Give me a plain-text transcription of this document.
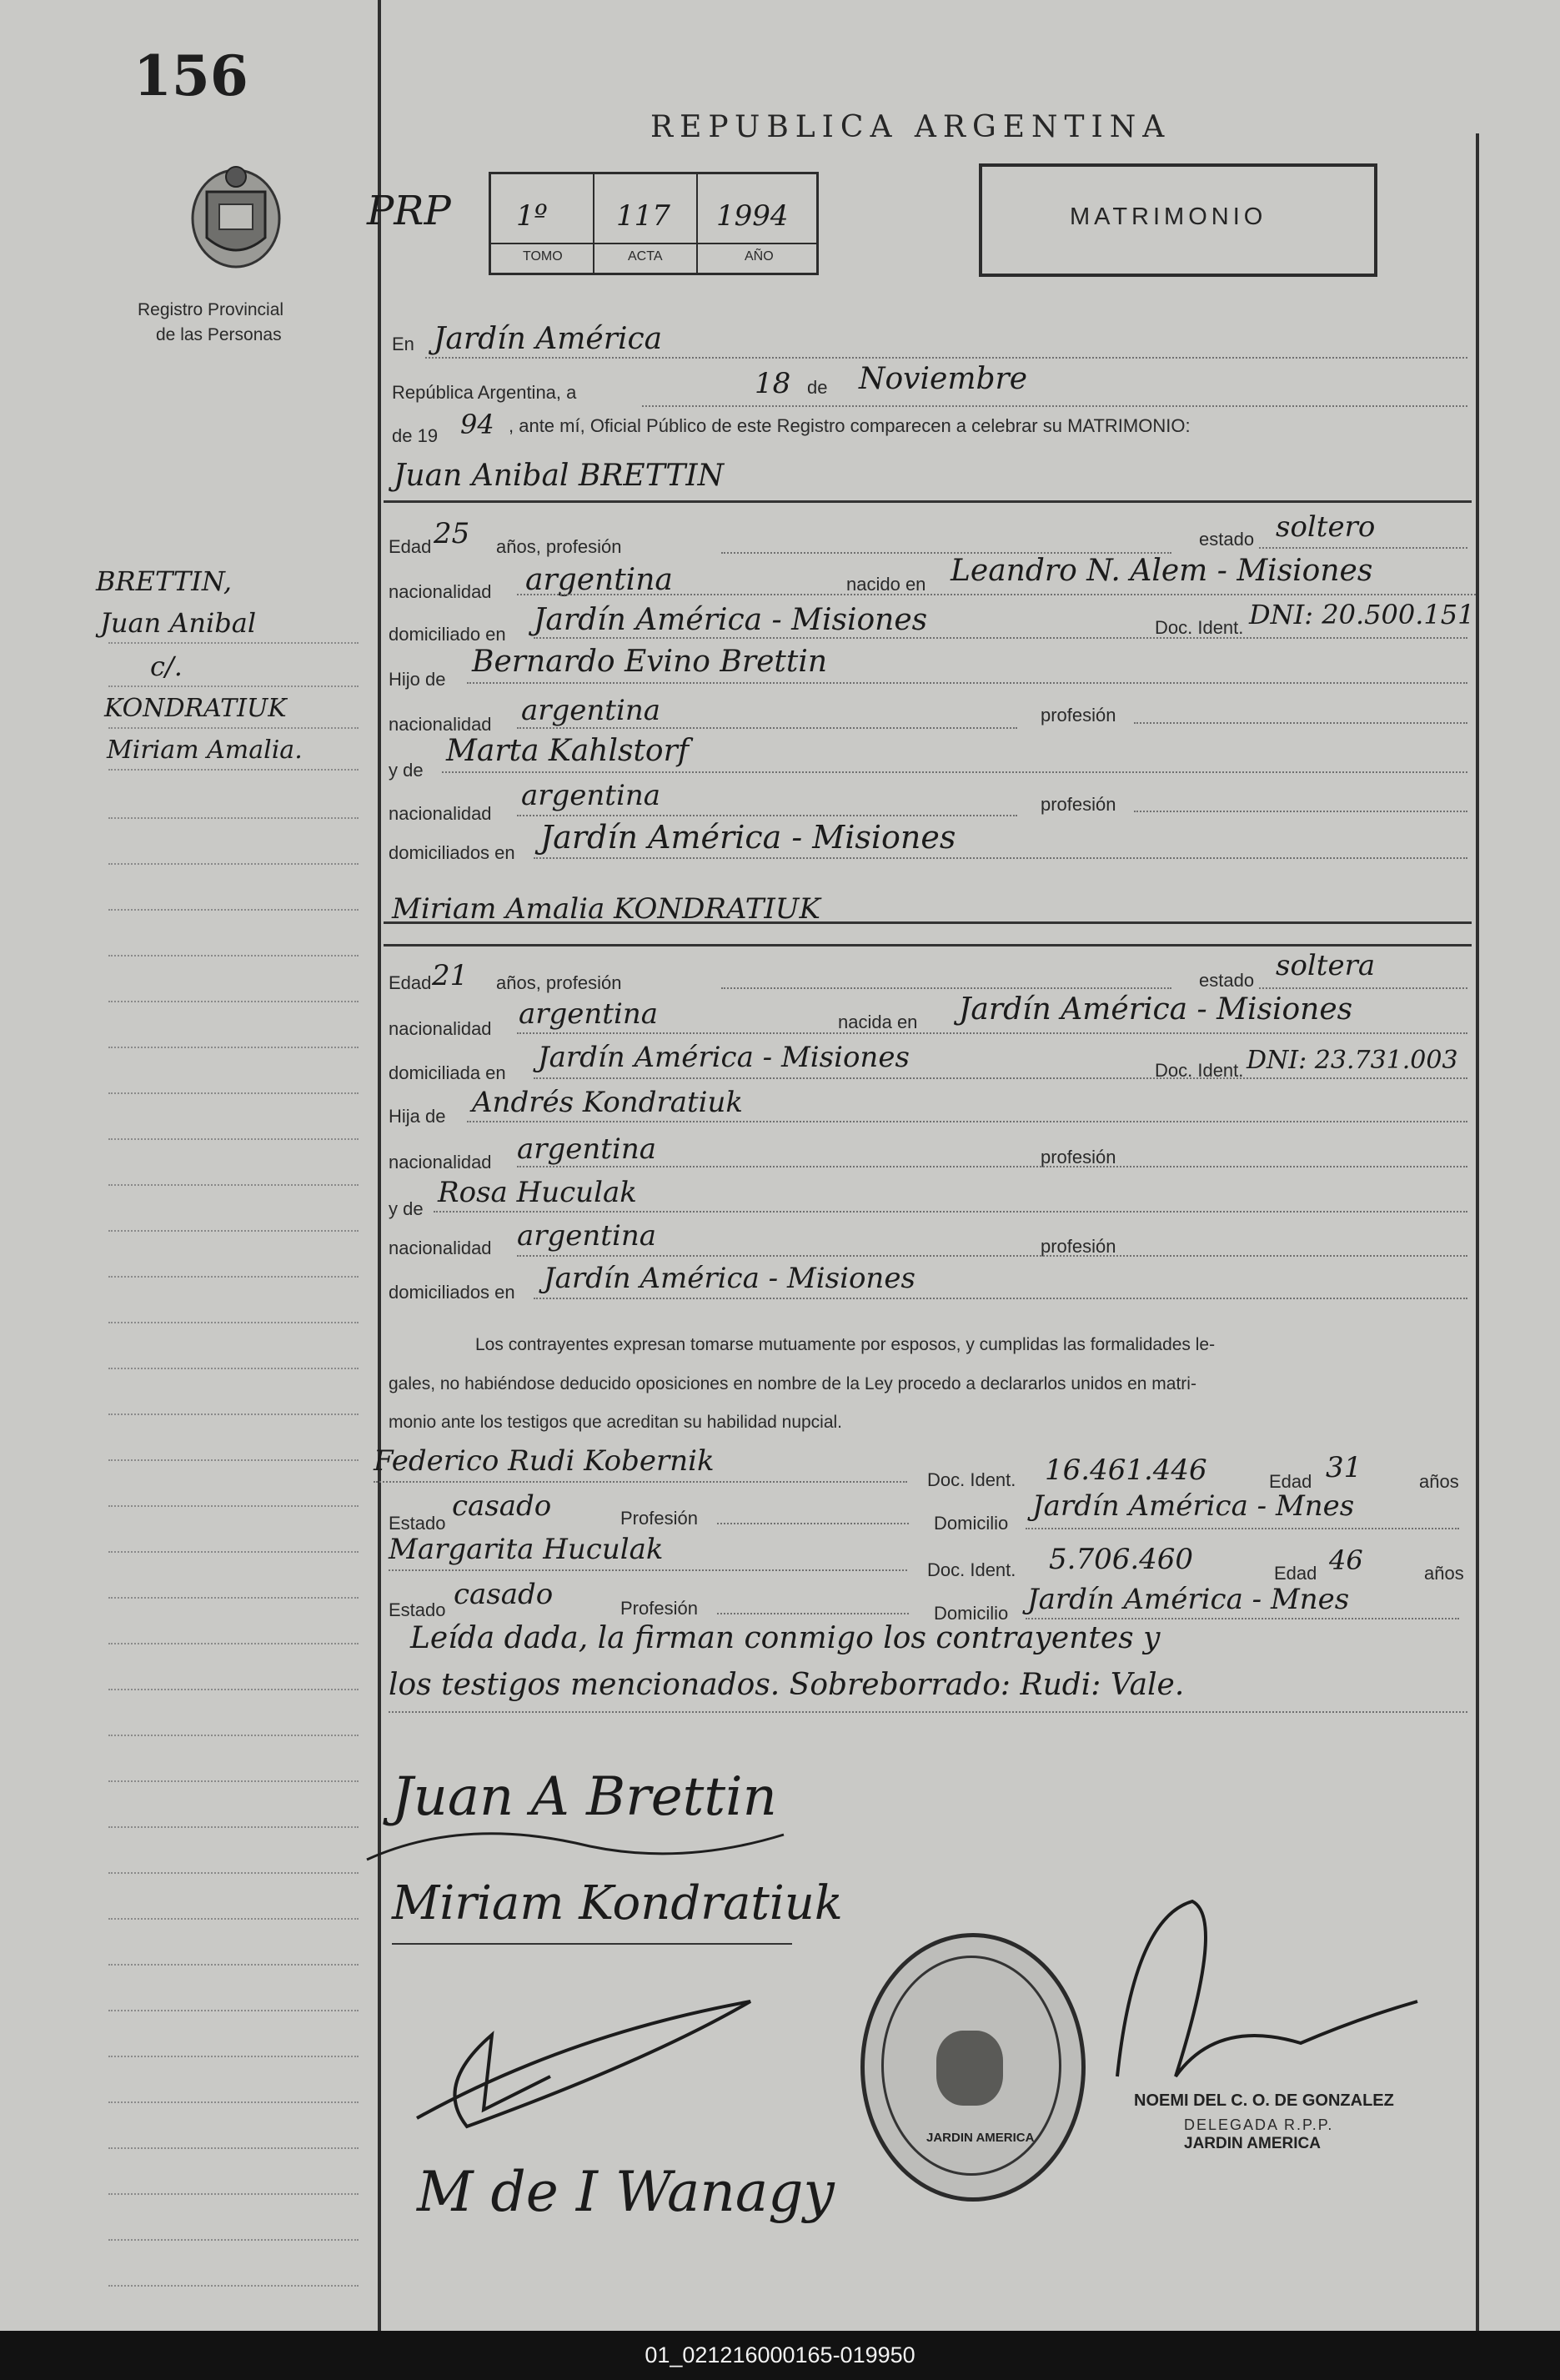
156
Registro Provincial
de las Personas
BRETTIN,
Juan Anibal
c/.
KONDRATIUK
Miriam Amalia.
REPUBLICA ARGENTINA
PRP 1º 117 1994
TOMO	ACTA	AÑO
MATRIMONIO
En Jardín América
República Argentina, a	18 de Noviembre
de 19 94 , ante mí, Oficial Público de este Registro comparecen a celebrar su MATRIMONIO:
Juan Anibal BRETTIN
Edad 25 años, profesión	estado soltero
nacionalidad argentina	nacido en Leandro N. Alem - Misiones
domiciliado en Jardín América - Misiones	Doc. Ident. DNI: 20.500.151
Hijo de
Bernardo Evino Brettin
nacionalidad argentina	profesión
y de
Marta Kahlstorf
nacionalidad
argentina	profesión
domiciliados en Jardín América - Misiones
Miriam Amalia KONDRATIUK
Edad 21 años, profesión	estado soltera
nacionalidad argentina	nacida en Jardín América - Misiones
domiciliada en Jardín América - Misiones	Doc. Ident. DNI: 23.731.003
Hija de Andrés Kondratiuk
nacionalidad argentina	profesión
y de Rosa Huculak
nacionalidad argentina	profesión
domiciliados en Jardín América - Misiones
Los contrayentes expresan tomarse mutuamente por esposos, y cumplidas las formalidades le-
gales, no habiéndose deducido oposiciones en nombre de la Ley procedo a declararlos unidos en matri-
monio ante los testigos que acreditan su habilidad nupcial.
Federico Rudi Kobernik
Doc. Ident. 16.461.446	Edad 31	años
Estado
casado	Profesión	Domicilio
Jardín América - Mnes
Margarita Huculak
Doc. Ident. 5.706.460	Edad 46	años
Estado casado	Profesión	Domicilio Jardín América - Mnes
Leída dada, la firman conmigo los contrayentes y
los testigos mencionados. Sobreborrado: Rudi: Vale.
Juan A Brettin
Miriam Kondratiuk
M de I Wanagy
JARDIN AMERICA
NOEMI DEL C. O. DE GONZALEZ
DELEGADA R.P.P.
JARDIN AMERICA
01_021216000165-019950
